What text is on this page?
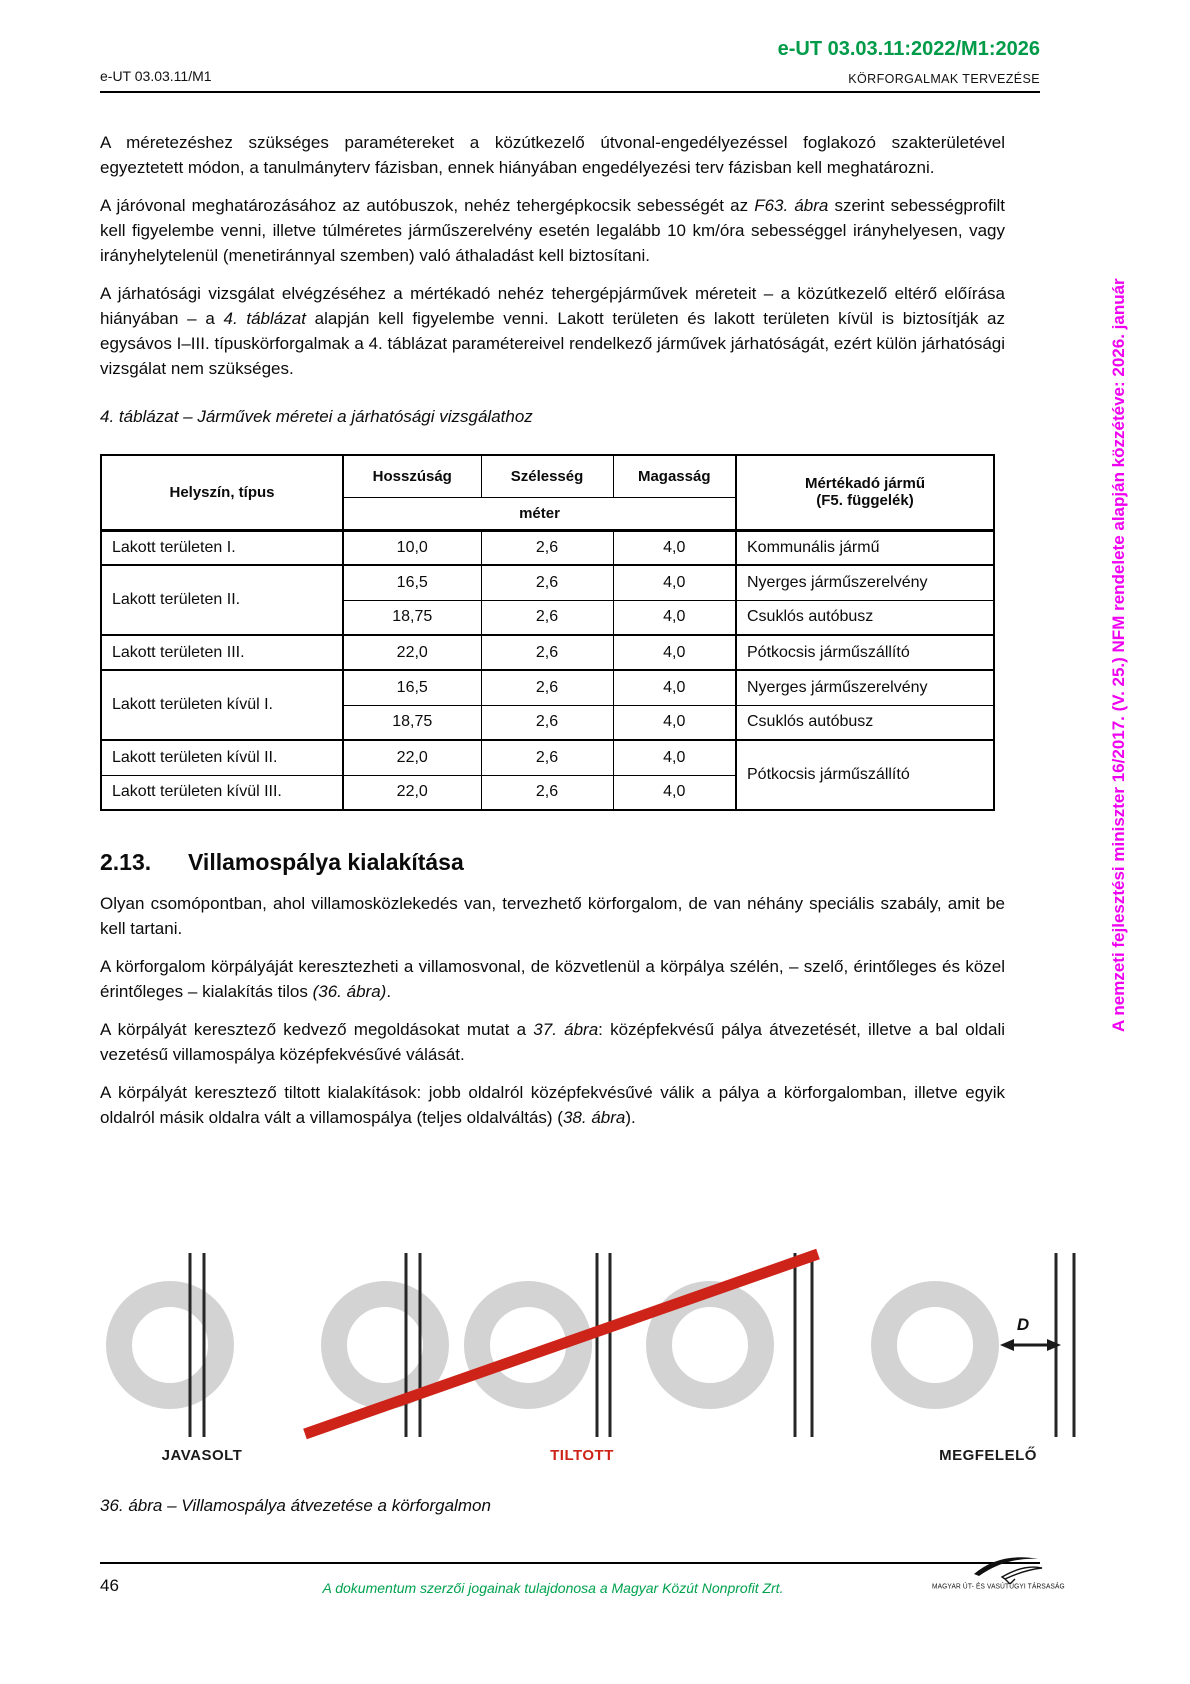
e-UT 03.03.11:2022/M1:2026
e-UT 03.03.11/M1	KÖRFORGALMAK TERVEZÉSE
A nemzeti fejlesztési miniszter 16/2017. (V. 25.) NFM rendelete alapján közzétéve: 2026. január

A méretezéshez szükséges paramétereket a közútkezelő útvonal-engedélyezéssel foglakozó szakterületével egyeztetett módon, a tanulmányterv fázisban, ennek hiányában engedélyezési terv fázisban kell meghatározni.

A járóvonal meghatározásához az autóbuszok, nehéz tehergépkocsik sebességét az F63. ábra szerint sebességprofilt kell figyelembe venni, illetve túlméretes járműszerelvény esetén legalább 10 km/óra sebességgel irányhelyesen, vagy irányhelytelenül (menetiránnyal szemben) való áthaladást kell biztosítani.

A járhatósági vizsgálat elvégzéséhez a mértékadó nehéz tehergépjárművek méreteit – a közútkezelő eltérő előírása hiányában – a 4. táblázat alapján kell figyelembe venni. Lakott területen és lakott területen kívül is biztosítják az egysávos I–III. típuskörforgalmak a 4. táblázat paramétereivel rendelkező járművek járhatóságát, ezért külön járhatósági vizsgálat nem szükséges.

4. táblázat – Járművek méretei a járhatósági vizsgálathoz
Helyszín, típus	Hosszúság	Szélesség	Magasság	Mértékadó jármű
(F5. függelék)

	méter			
Lakott területen I.	10,0	2,6	4,0	Kommunális jármű
Lakott területen II.	16,5	2,6	4,0	Nyerges járműszerelvény
	18,75	2,6	4,0	Csuklós autóbusz
Lakott területen III.	22,0	2,6	4,0	Pótkocsis járműszállító
Lakott területen kívül I.	16,5	2,6	4,0	Nyerges járműszerelvény
	18,75	2,6	4,0	Csuklós autóbusz
Lakott területen kívül II.	22,0	2,6	4,0	Pótkocsis járműszállító
Lakott területen kívül III.	22,0	2,6	4,0	
2.13.	Villamospálya kialakítása

Olyan csomópontban, ahol villamosközlekedés van, tervezhető körforgalom, de van néhány speciális szabály, amit be kell tartani.

A körforgalom körpályáját keresztezheti a villamosvonal, de közvetlenül a körpálya szélén, – szelő, érintőleges és közel érintőleges – kialakítás tilos (36. ábra).

A körpályát keresztező kedvező megoldásokat mutat a 37. ábra: középfekvésű pálya átvezetését, illetve a bal oldali vezetésű villamospálya középfekvésűvé válását.

A körpályát keresztező tiltott kialakítások: jobb oldalról középfekvésűvé válik a pálya a körforgalomban, illetve egyik oldalról másik oldalra vált a villamospálya (teljes oldalváltás) (38. ábra).

D
JAVASOLT	TILTOTT	MEGFELELŐ
36. ábra – Villamospálya átvezetése a körforgalmon
46	A dokumentum szerzői jogainak tulajdonosa a Magyar Közút Nonprofit Zrt.	MAGYAR ÚT- ÉS VASÚTÜGYI TÁRSASÁG
